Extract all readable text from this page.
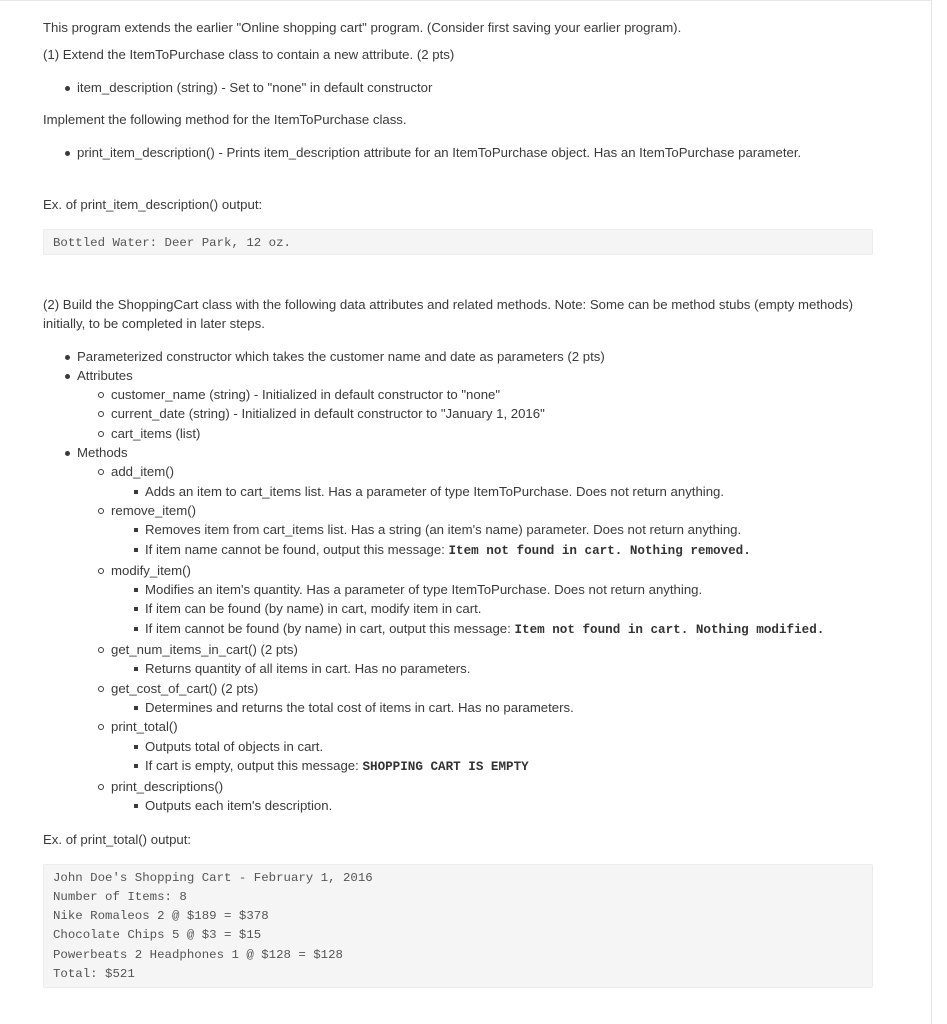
This program extends the earlier "Online shopping cart" program. (Consider first saving your earlier program).

(1) Extend the ItemToPurchase class to contain a new attribute. (2 pts)

item_description (string) - Set to "none" in default constructor

Implement the following method for the ItemToPurchase class.

print_item_description() - Prints item_description attribute for an ItemToPurchase object. Has an ItemToPurchase parameter.

Ex. of print_item_description() output:

Bottled Water: Deer Park, 12 oz.

(2) Build the ShoppingCart class with the following data attributes and related methods. Note: Some can be method stubs (empty methods) initially, to be completed in later steps.

Parameterized constructor which takes the customer name and date as parameters (2 pts)
Attributes
customer_name (string) - Initialized in default constructor to "none"
current_date (string) - Initialized in default constructor to "January 1, 2016"
cart_items (list)
Methods
add_item()
Adds an item to cart_items list. Has a parameter of type ItemToPurchase. Does not return anything.
remove_item()
Removes item from cart_items list. Has a string (an item's name) parameter. Does not return anything.
If item name cannot be found, output this message: Item not found in cart. Nothing removed.
modify_item()
Modifies an item's quantity. Has a parameter of type ItemToPurchase. Does not return anything.
If item can be found (by name) in cart, modify item in cart.
If item cannot be found (by name) in cart, output this message: Item not found in cart. Nothing modified.
get_num_items_in_cart() (2 pts)
Returns quantity of all items in cart. Has no parameters.
get_cost_of_cart() (2 pts)
Determines and returns the total cost of items in cart. Has no parameters.
print_total()
Outputs total of objects in cart.
If cart is empty, output this message: SHOPPING CART IS EMPTY
print_descriptions()
Outputs each item's description.

Ex. of print_total() output:

John Doe's Shopping Cart - February 1, 2016
Number of Items: 8
Nike Romaleos 2 @ $189 = $378
Chocolate Chips 5 @ $3 = $15
Powerbeats 2 Headphones 1 @ $128 = $128
Total: $521
